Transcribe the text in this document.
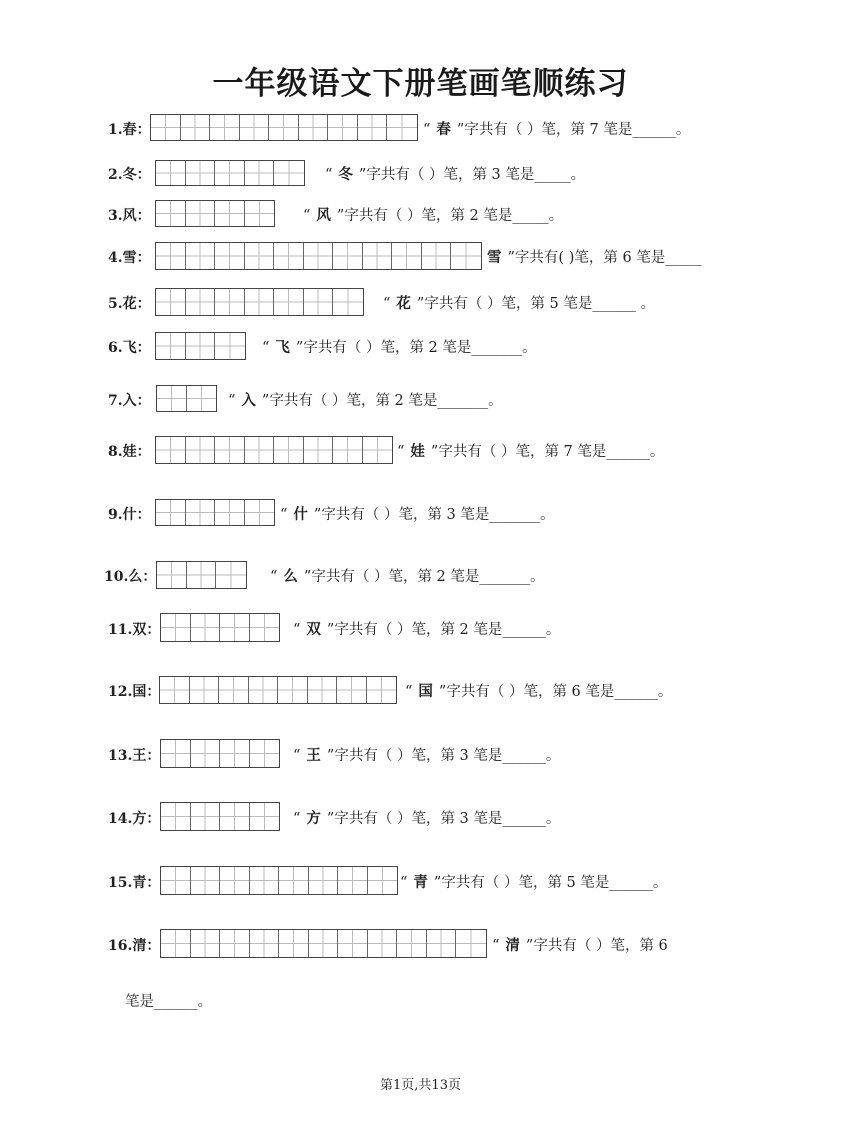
一年级语文下册笔画笔顺练习
1.春：	“ 春 ”字共有（ ）笔，第 7 笔是______。
2.冬：	“ 冬 ”字共有（ ）笔，第 3 笔是_____。
3.风：	“ 风 ”字共有（ ）笔，第 2 笔是_____。
4.雪：	雪 ”字共有( )笔，第 6 笔是_____
5.花：	“ 花 ”字共有（ ）笔，第 5 笔是______ 。
6.飞：	“ 飞 ”字共有（ ）笔，第 2 笔是_______。
7.入：	“ 入 ”字共有（ ）笔，第 2 笔是_______。
8.娃：	“ 娃 ”字共有（ ）笔，第 7 笔是______。
9.什：	“ 什 ”字共有（ ）笔，第 3 笔是_______。
10.么：	“ 么 ”字共有（ ）笔，第 2 笔是_______。
11.双：	“ 双 ”字共有（ ）笔，第 2 笔是______。
12.国：	“ 国 ”字共有（ ）笔，第 6 笔是______。
13.王：	“ 王 ”字共有（ ）笔，第 3 笔是______。
14.方：	“ 方 ”字共有（ ）笔，第 3 笔是______。
15.青：	“ 青 ”字共有（ ）笔，第 5 笔是______。
16.清：	“ 清 ”字共有（ ）笔，第 6
笔是______。
第1页,共13页
